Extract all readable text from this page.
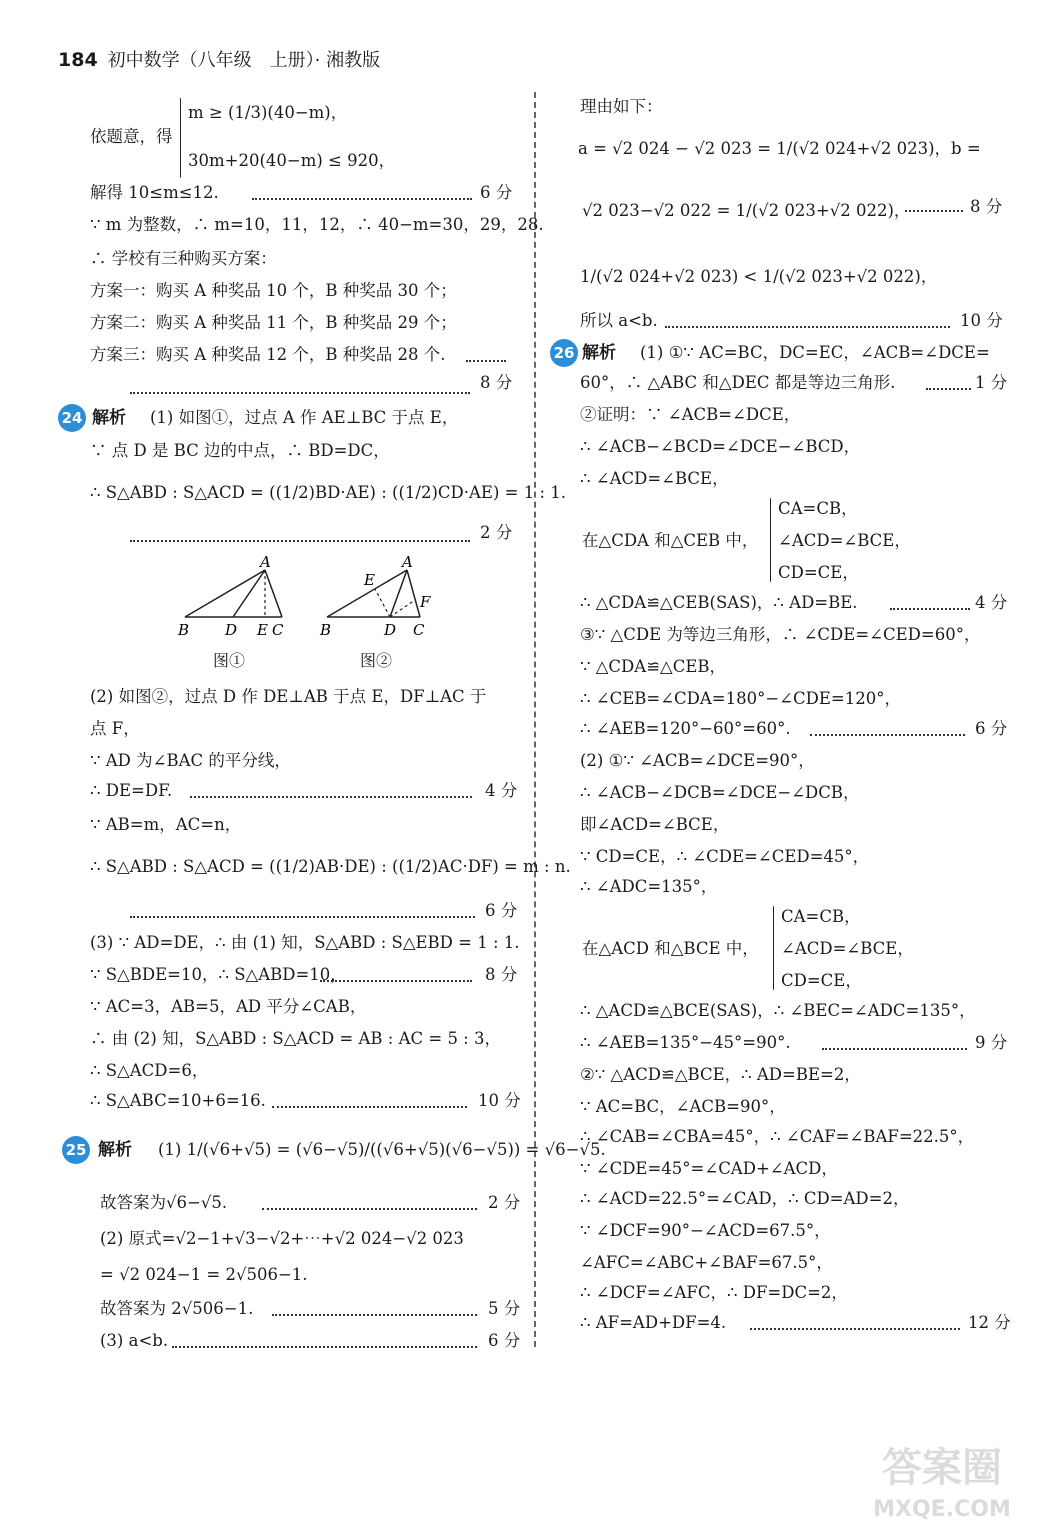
184 初中数学（八年级　上册）· 湘教版
依题意，得
m ≥ (1/3)(40−m)，
30m+20(40−m) ≤ 920，
解得 10≤m≤12.	6 分
∵ m 为整数，∴ m=10，11，12，∴ 40−m=30，29，28.
∴ 学校有三种购买方案：
方案一：购买 A 种奖品 10 个，B 种奖品 30 个；
方案二：购买 A 种奖品 11 个，B 种奖品 29 个；
方案三：购买 A 种奖品 12 个，B 种奖品 28 个.
8 分
24 解析 (1) 如图①，过点 A 作 AE⊥BC 于点 E，
∵ 点 D 是 BC 边的中点，∴ BD=DC，
∴ S△ABD : S△ACD = ((1/2)BD·AE) : ((1/2)CD·AE) = 1 : 1.
2 分
A
B D E C
图①
A
E
F
B	D C
图②
(2) 如图②，过点 D 作 DE⊥AB 于点 E，DF⊥AC 于
点 F，
∵ AD 为∠BAC 的平分线，
∴ DE=DF.	4 分
∵ AB=m，AC=n，
∴ S△ABD : S△ACD = ((1/2)AB·DE) : ((1/2)AC·DF) = m : n.
6 分
(3) ∵ AD=DE，∴ 由 (1) 知，S△ABD : S△EBD = 1 : 1.
∵ S△BDE=10，∴ S△ABD=10，	8 分
∵ AC=3，AB=5，AD 平分∠CAB，
∴ 由 (2) 知，S△ABD : S△ACD = AB : AC = 5 : 3，
∴ S△ACD=6，
∴ S△ABC=10+6=16.	10 分
25 解析 (1) 1/(√6+√5) = (√6−√5)/((√6+√5)(√6−√5)) = √6−√5.
故答案为√6−√5.	2 分
(2) 原式=√2−1+√3−√2+⋯+√2 024−√2 023
= √2 024−1 = 2√506−1.
故答案为 2√506−1.	5 分
(3) a<b.	6 分
理由如下：
a = √2 024 − √2 023 = 1/(√2 024+√2 023)，b =
√2 023−√2 022 = 1/(√2 023+√2 022)，	8 分
1/(√2 024+√2 023) < 1/(√2 023+√2 022)，
所以 a<b.	10 分
26 解析 (1) ①∵ AC=BC，DC=EC，∠ACB=∠DCE=
60°，∴ △ABC 和△DEC 都是等边三角形.	1 分
②证明：∵ ∠ACB=∠DCE，
∴ ∠ACB−∠BCD=∠DCE−∠BCD，
∴ ∠ACD=∠BCE，
在△CDA 和△CEB 中，
CA=CB，
∠ACD=∠BCE，
CD=CE，
∴ △CDA≌△CEB(SAS)，∴ AD=BE.	4 分
③∵ △CDE 为等边三角形，∴ ∠CDE=∠CED=60°，
∵ △CDA≌△CEB，
∴ ∠CEB=∠CDA=180°−∠CDE=120°，
∴ ∠AEB=120°−60°=60°.	6 分
(2) ①∵ ∠ACB=∠DCE=90°，
∴ ∠ACB−∠DCB=∠DCE−∠DCB，
即∠ACD=∠BCE，
∵ CD=CE，∴ ∠CDE=∠CED=45°，
∴ ∠ADC=135°，
在△ACD 和△BCE 中，
CA=CB，
∠ACD=∠BCE，
CD=CE，
∴ △ACD≌△BCE(SAS)，∴ ∠BEC=∠ADC=135°，
∴ ∠AEB=135°−45°=90°.	9 分
②∵ △ACD≌△BCE，∴ AD=BE=2，
∵ AC=BC，∠ACB=90°，
∴ ∠CAB=∠CBA=45°，∴ ∠CAF=∠BAF=22.5°，
∵ ∠CDE=45°=∠CAD+∠ACD，
∴ ∠ACD=22.5°=∠CAD，∴ CD=AD=2，
∵ ∠DCF=90°−∠ACD=67.5°，
∠AFC=∠ABC+∠BAF=67.5°，
∴ ∠DCF=∠AFC，∴ DF=DC=2，
∴ AF=AD+DF=4.	12 分
答案圈
MXQE.COM
